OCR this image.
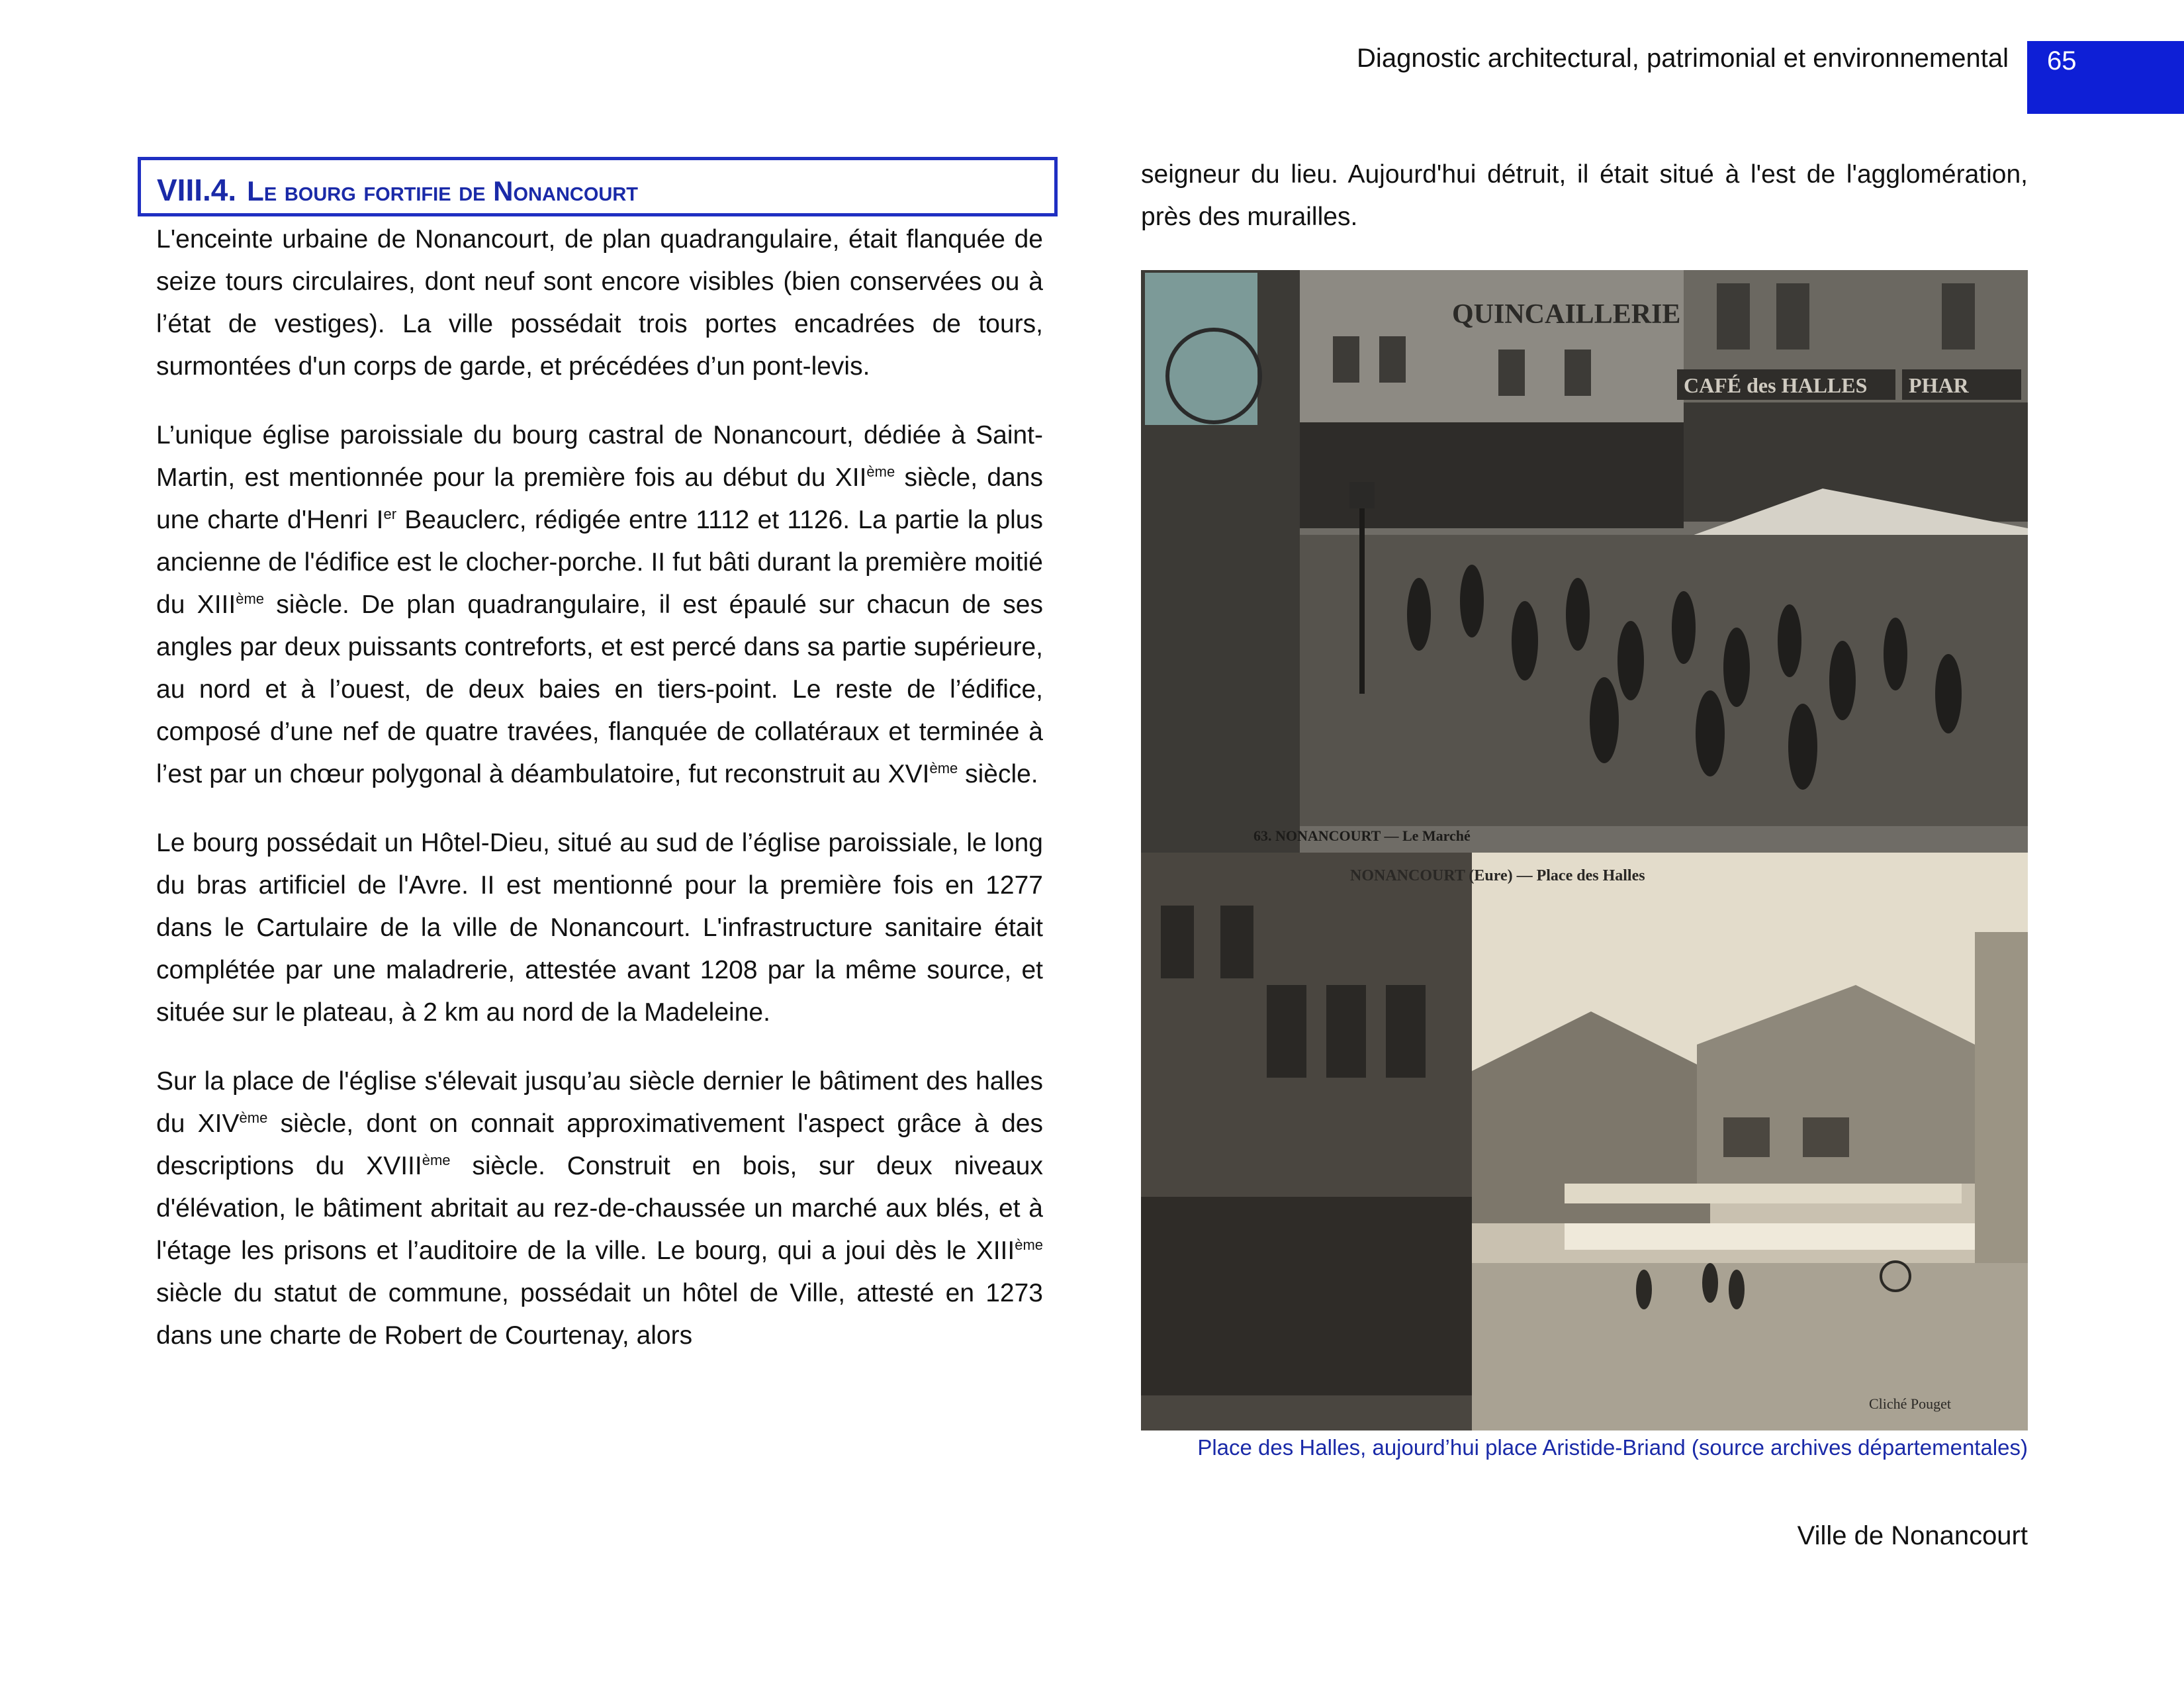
Diagnostic architectural, patrimonial et environnemental 65
VIII.4. Le bourg fortifie de Nonancourt

L'enceinte urbaine de Nonancourt, de plan quadrangulaire, était flanquée de seize tours circulaires, dont neuf sont encore visibles (bien conservées ou à l’état de vestiges). La ville possédait trois portes encadrées de tours, surmontées d'un corps de garde, et précédées d’un pont-levis.

L’unique église paroissiale du bourg castral de Nonancourt, dédiée à Saint-Martin, est mentionnée pour la première fois au début du XIIème siècle, dans une charte d'Henri Ier Beauclerc, rédigée entre 1112 et 1126. La partie la plus ancienne de l'édifice est le clocher-porche. II fut bâti durant la première moitié du XIIIème siècle. De plan quadrangulaire, il est épaulé sur chacun de ses angles par deux puissants contreforts, et est percé dans sa partie supérieure, au nord et à l’ouest, de deux baies en tiers-point. Le reste de l’édifice, composé d’une nef de quatre travées, flanquée de collatéraux et terminée à l’est par un chœur polygonal à déambulatoire, fut reconstruit au XVIème siècle.

Le bourg possédait un Hôtel-Dieu, situé au sud de l’église paroissiale, le long du bras artificiel de l'Avre. II est mentionné pour la première fois en 1277 dans le Cartulaire de la ville de Nonancourt. L'infrastructure sanitaire était complétée par une maladrerie, attestée avant 1208 par la même source, et située sur le plateau, à 2 km au nord de la Madeleine.

Sur la place de l'église s'élevait jusqu’au siècle dernier le bâtiment des halles du XIVème siècle, dont on connait approximativement l'aspect grâce à des descriptions du XVIIIème siècle. Construit en bois, sur deux niveaux d'élévation, le bâtiment abritait au rez-de-chaussée un marché aux blés, et à l'étage les prisons et l’auditoire de la ville. Le bourg, qui a joui dès le XIIIème siècle du statut de commune, possédait un hôtel de Ville, attesté en 1273 dans une charte de Robert de Courtenay, alors

seigneur du lieu. Aujourd'hui détruit, il était situé à l'est de l'agglomération, près des murailles.

QUINCAILLERIE
CAFÉ des HALLES PHAR
63. NONANCOURT — Le Marché
NONANCOURT (Eure) — Place des Halles
Cliché Pouget
Place des Halles, aujourd’hui place Aristide-Briand (source archives départementales)
Ville de Nonancourt
